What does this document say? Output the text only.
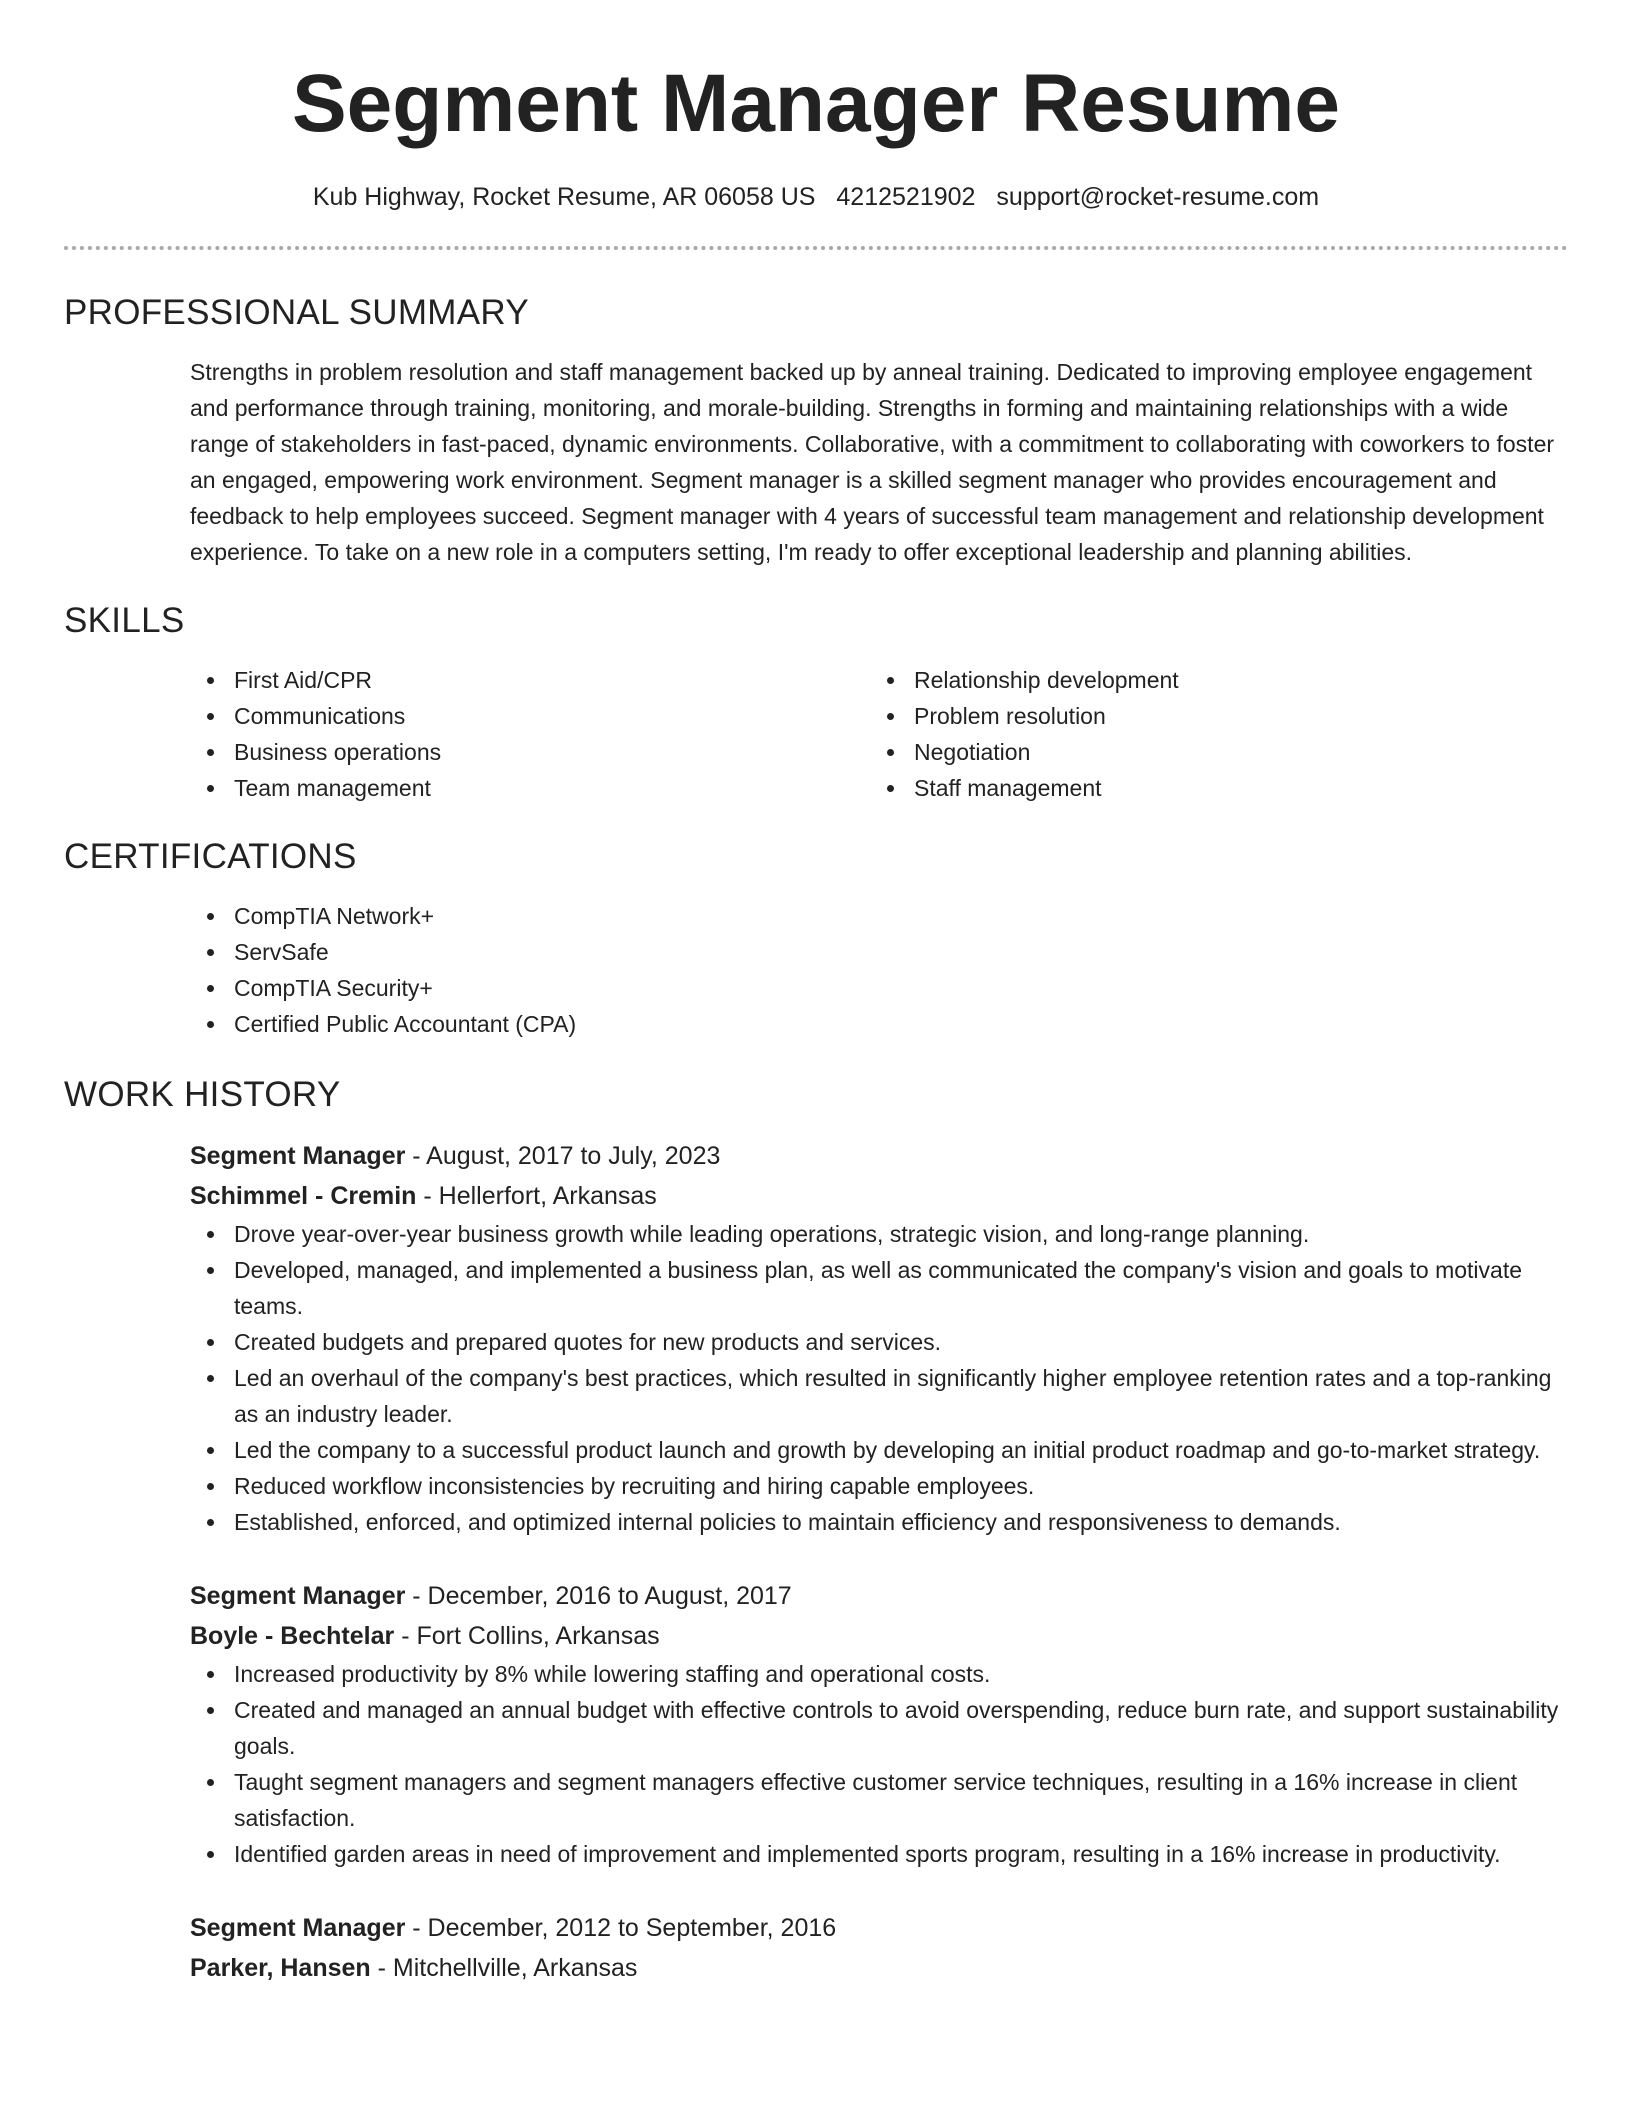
Segment Manager Resume
Kub Highway, Rocket Resume, AR 06058 US 4212521902 support@rocket-resume.com
PROFESSIONAL SUMMARY
Strengths in problem resolution and staff management backed up by anneal training. Dedicated to improving employee engagement and performance through training, monitoring, and morale-building. Strengths in forming and maintaining relationships with a wide range of stakeholders in fast-paced, dynamic environments. Collaborative, with a commitment to collaborating with coworkers to foster an engaged, empowering work environment. Segment manager is a skilled segment manager who provides encouragement and feedback to help employees succeed. Segment manager with 4 years of successful team management and relationship development experience. To take on a new role in a computers setting, I'm ready to offer exceptional leadership and planning abilities.
SKILLS
First Aid/CPR
Communications
Business operations
Team management
Relationship development
Problem resolution
Negotiation
Staff management
CERTIFICATIONS
CompTIA Network+
ServSafe
CompTIA Security+
Certified Public Accountant (CPA)
WORK HISTORY
Segment Manager - August, 2017 to July, 2023
Schimmel - Cremin - Hellerfort, Arkansas
Drove year-over-year business growth while leading operations, strategic vision, and long-range planning.
Developed, managed, and implemented a business plan, as well as communicated the company's vision and goals to motivate teams.
Created budgets and prepared quotes for new products and services.
Led an overhaul of the company's best practices, which resulted in significantly higher employee retention rates and a top-ranking as an industry leader.
Led the company to a successful product launch and growth by developing an initial product roadmap and go-to-market strategy.
Reduced workflow inconsistencies by recruiting and hiring capable employees.
Established, enforced, and optimized internal policies to maintain efficiency and responsiveness to demands.
Segment Manager - December, 2016 to August, 2017
Boyle - Bechtelar - Fort Collins, Arkansas
Increased productivity by 8% while lowering staffing and operational costs.
Created and managed an annual budget with effective controls to avoid overspending, reduce burn rate, and support sustainability goals.
Taught segment managers and segment managers effective customer service techniques, resulting in a 16% increase in client satisfaction.
Identified garden areas in need of improvement and implemented sports program, resulting in a 16% increase in productivity.
Segment Manager - December, 2012 to September, 2016
Parker, Hansen - Mitchellville, Arkansas
